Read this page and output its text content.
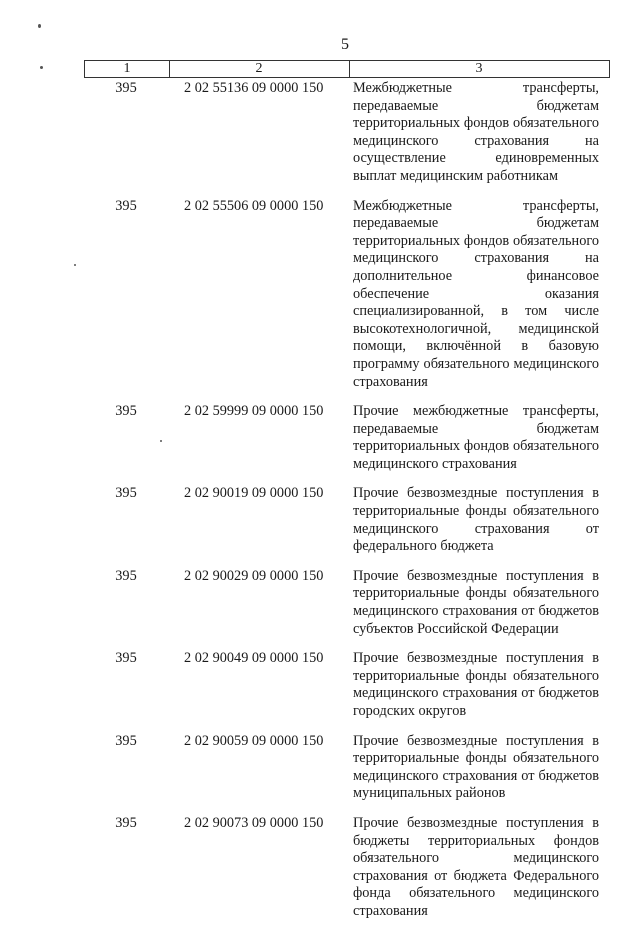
5
1	2	3
395	2 02 55136 09 0000 150	Межбюджетные трансферты, передаваемые бюджетам территориальных фондов обязательного медицинского страхования на осуществление единовременных выплат медицинским работникам
395	2 02 55506 09 0000 150	Межбюджетные трансферты, передаваемые бюджетам территориальных фондов обязательного медицинского страхования на дополнительное финансовое обеспечение оказания специализированной, в том числе высокотехнологичной, медицинской помощи, включённой в базовую программу обязательного медицинского страхования
395	2 02 59999 09 0000 150	Прочие межбюджетные трансферты, передаваемые бюджетам территориальных фондов обязательного медицинского страхования
395	2 02 90019 09 0000 150	Прочие безвозмездные поступления в территориальные фонды обязательного медицинского страхования от федерального бюджета
395	2 02 90029 09 0000 150	Прочие безвозмездные поступления в территориальные фонды обязательного медицинского страхования от бюджетов субъектов Российской Федерации
395	2 02 90049 09 0000 150	Прочие безвозмездные поступления в территориальные фонды обязательного медицинского страхования от бюджетов городских округов
395	2 02 90059 09 0000 150	Прочие безвозмездные поступления в территориальные фонды обязательного медицинского страхования от бюджетов муниципальных районов
395	2 02 90073 09 0000 150	Прочие безвозмездные поступления в бюджеты территориальных фондов обязательного медицинского страхования от бюджета Федерального фонда обязательного медицинского страхования
